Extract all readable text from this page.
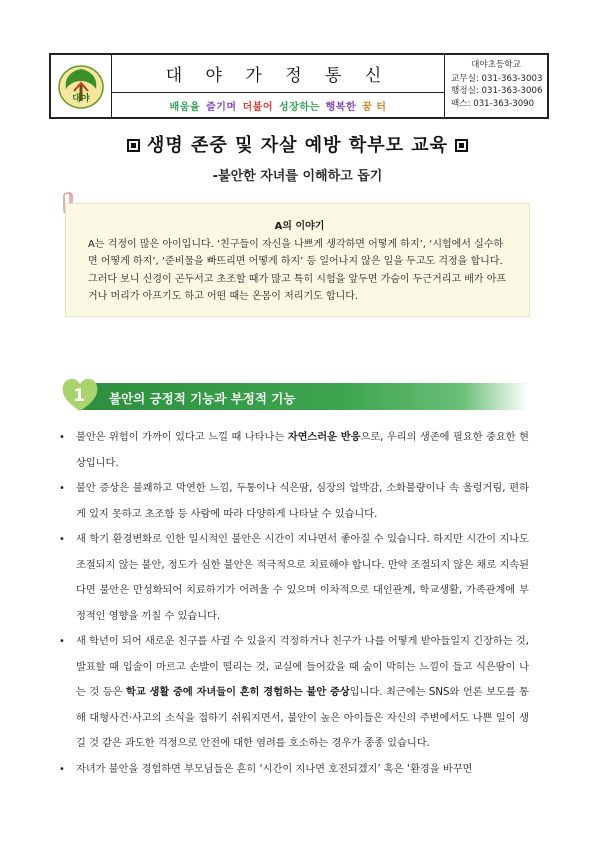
대야
대 야 가 정 통 신
배움을 즐기며 더불어 성장하는 행복한 꿈 터
대야초등학교
교무실: 031-363-3003
행정실: 031-363-3006
팩스: 031-363-3090
생명 존중 및 자살 예방 학부모 교육
-불안한 자녀를 이해하고 돕기
A의 이야기
A는 걱정이 많은 아이입니다. ‘친구들이 자신을 나쁘게 생각하면 어떻게 하지’, ‘시험에서 실수하면 어떻게 하지’, ‘준비물을 빠뜨리면 어떻게 하지’ 등 일어나지 않은 일을 두고도 걱정을 합니다. 그러다 보니 신경이 곤두서고 초조할 때가 많고 특히 시험을 앞두면 가슴이 두근거리고 배가 아프거나 머리가 아프기도 하고 어떤 때는 온몸이 저리기도 합니다.
불안의 긍정적 기능과 부정적 기능
1
• 불안은 위험이 가까이 있다고 느낄 때 나타나는 자연스러운 반응으로, 우리의 생존에 필요한 중요한 현상입니다.
• 불안 증상은 불쾌하고 막연한 느낌, 두통이나 식은땀, 심장의 압박감, 소화불량이나 속 울렁거림, 편하게 있지 못하고 초조함 등 사람에 따라 다양하게 나타날 수 있습니다.
• 새 학기 환경변화로 인한 일시적인 불안은 시간이 지나면서 좋아질 수 있습니다. 하지만 시간이 지나도 조절되지 않는 불안, 정도가 심한 불안은 적극적으로 치료해야 합니다. 만약 조절되지 않은 채로 지속된다면 불안은 만성화되어 치료하기가 어려울 수 있으며 이차적으로 대인관계, 학교생활, 가족관계에 부정적인 영향을 끼칠 수 있습니다.
• 새 학년이 되어 새로운 친구를 사귈 수 있을지 걱정하거나 친구가 나를 어떻게 받아들일지 긴장하는 것, 발표할 때 입술이 마르고 손발이 떨리는 것, 교실에 들어갔을 때 숨이 막히는 느낌이 들고 식은땀이 나는 것 등은 학교 생활 중에 자녀들이 흔히 경험하는 불안 증상입니다. 최근에는 SNS와 언론 보도를 통해 대형사건·사고의 소식을 접하기 쉬워지면서, 불안이 높은 아이들은 자신의 주변에서도 나쁜 일이 생길 것 같은 과도한 걱정으로 안전에 대한 염려를 호소하는 경우가 종종 있습니다.
• 자녀가 불안을 경험하면 부모님들은 흔히 ‘시간이 지나면 호전되겠지’ 혹은 ‘환경을 바꾸면
